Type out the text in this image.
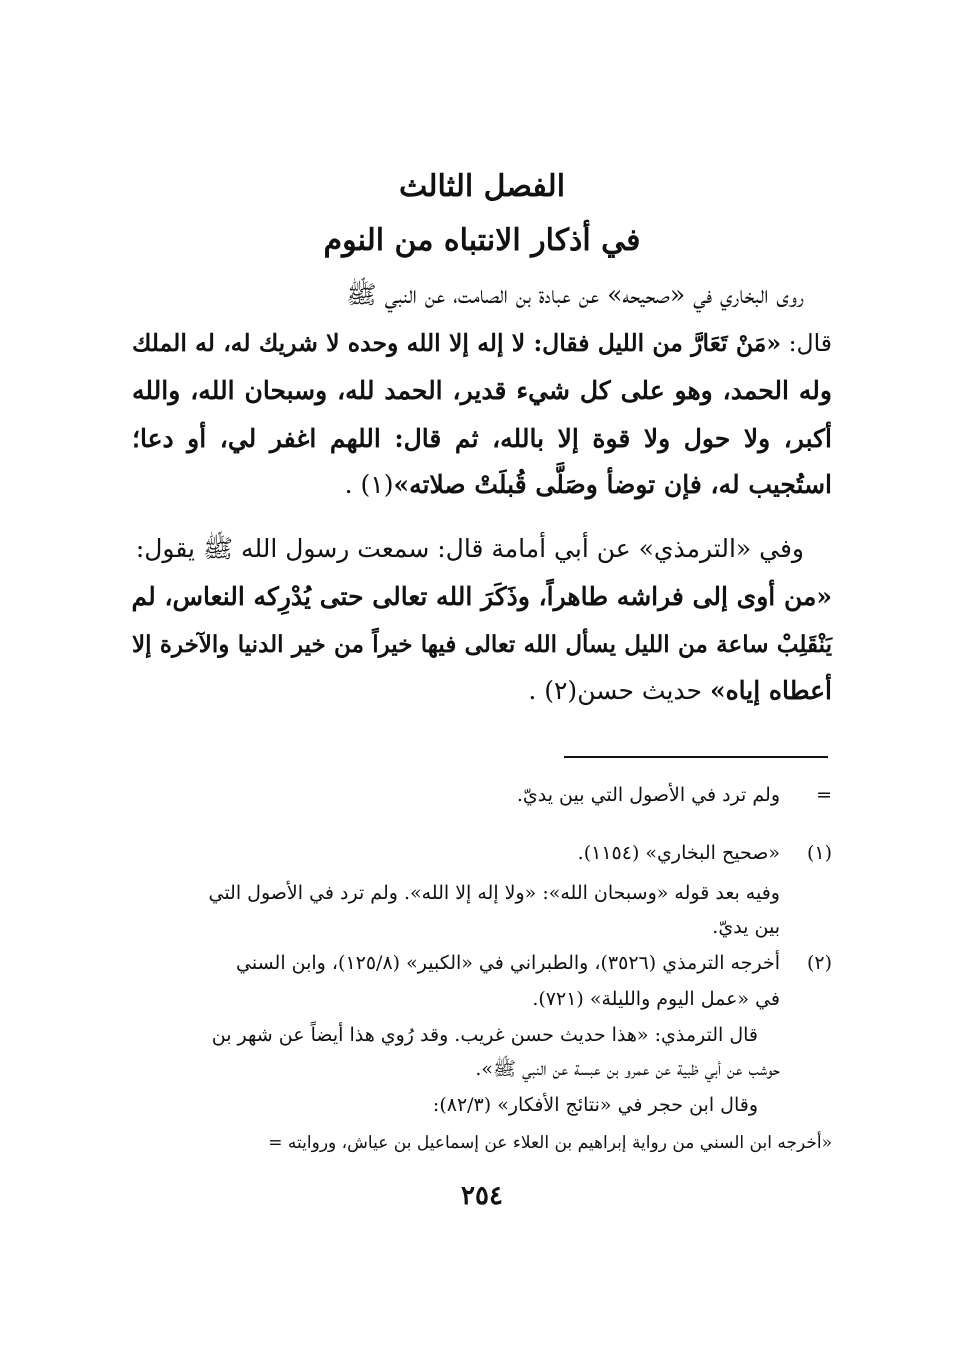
الفصل الثالث
في أذكار الانتباه من النوم

روى البخاري في «صحيحه» عن عبادة بن الصامت، عن النبي ﷺ

قال: «مَنْ تَعَارَّ من الليل فقال: لا إله إلا الله وحده لا شريك له، له الملك

وله الحمد، وهو على كل شيء قدير، الحمد لله، وسبحان الله، والله

أكبر، ولا حول ولا قوة إلا بالله، ثم قال: اللهم اغفر لي، أو دعا؛

استُجيب له، فإن توضأ وصَلَّى قُبلَتْ صلاته»(١) .

وفي «الترمذي» عن أبي أمامة قال: سمعت رسول الله ﷺ يقول:

«من أوى إلى فراشه طاهراً، وذَكَرَ الله تعالى حتى يُدْرِكه النعاس، لم

يَنْقَلِبْ ساعة من الليل يسأل الله تعالى فيها خيراً من خير الدنيا والآخرة إلا

أعطاه إياه» حديث حسن(٢) .

=

ولم ترد في الأصول التي بين يديّ.

(١)

«صحيح البخاري» (١١٥٤).

وفيه بعد قوله «وسبحان الله»: «ولا إله إلا الله». ولم ترد في الأصول التي

بين يديّ.

(٢)

أخرجه الترمذي (٣٥٢٦)، والطبراني في «الكبير» (١٢٥/٨)، وابن السني

في «عمل اليوم والليلة» (٧٢١).

قال الترمذي: «هذا حديث حسن غريب. وقد رُوي هذا أيضاً عن شهر بن

حوشب عن أبي ظبية عن عمرو بن عبسة عن النبي ﷺ».

وقال ابن حجر في «نتائج الأفكار» (٨٢/٣):

«أخرجه ابن السني من رواية إبراهيم بن العلاء عن إسماعيل بن عياش، وروايته =

٢٥٤
